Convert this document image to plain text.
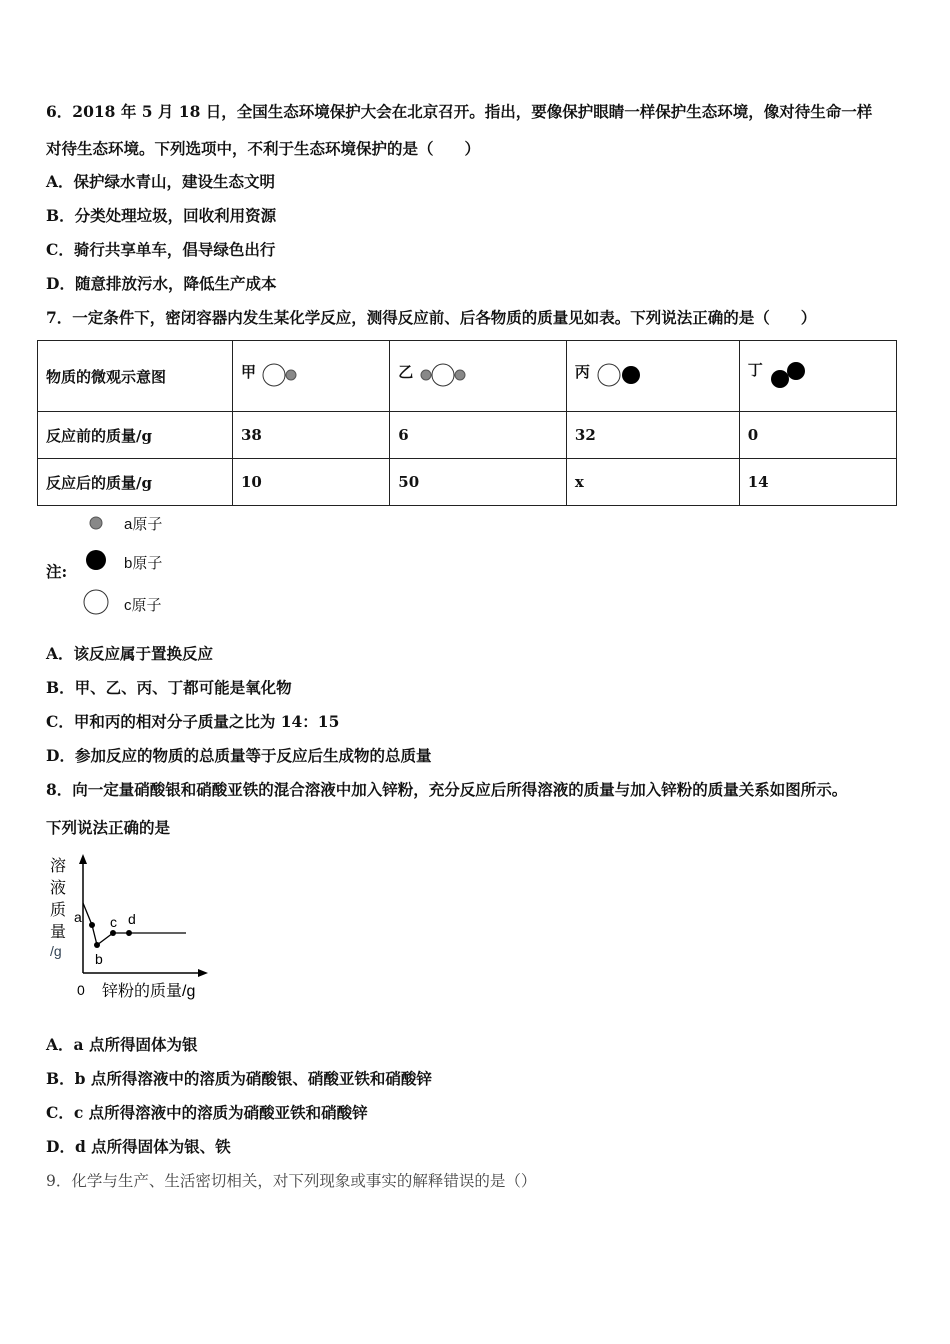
6．2018 年 5 月 18 日，全国生态环境保护大会在北京召开。指出，要像保护眼睛一样保护生态环境，像对待生命一样
对待生态环境。下列选项中，不利于生态环境保护的是（　　）
A．保护绿水青山，建设生态文明
B．分类处理垃圾，回收利用资源
C．骑行共享单车，倡导绿色出行
D．随意排放污水，降低生产成本
7．一定条件下，密闭容器内发生某化学反应，测得反应前、后各物质的质量见如表。下列说法正确的是（　　）
物质的微观示意图	甲	乙	丙	丁
反应前的质量/g	38	6	32	0
反应后的质量/g	10	50	x	14
注:
a原子
b原子
c原子
A．该反应属于置换反应
B．甲、乙、丙、丁都可能是氧化物
C．甲和丙的相对分子质量之比为 14：15
D．参加反应的物质的总质量等于反应后生成物的总质量
8．向一定量硝酸银和硝酸亚铁的混合溶液中加入锌粉，充分反应后所得溶液的质量与加入锌粉的质量关系如图所示。
下列说法正确的是
a
b
c d
溶
液
质
量
/g
0 锌粉的质量/g
A．a 点所得固体为银
B．b 点所得溶液中的溶质为硝酸银、硝酸亚铁和硝酸锌
C．c 点所得溶液中的溶质为硝酸亚铁和硝酸锌
D．d 点所得固体为银、铁
9．化学与生产、生活密切相关，对下列现象或事实的解释错误的是（）
